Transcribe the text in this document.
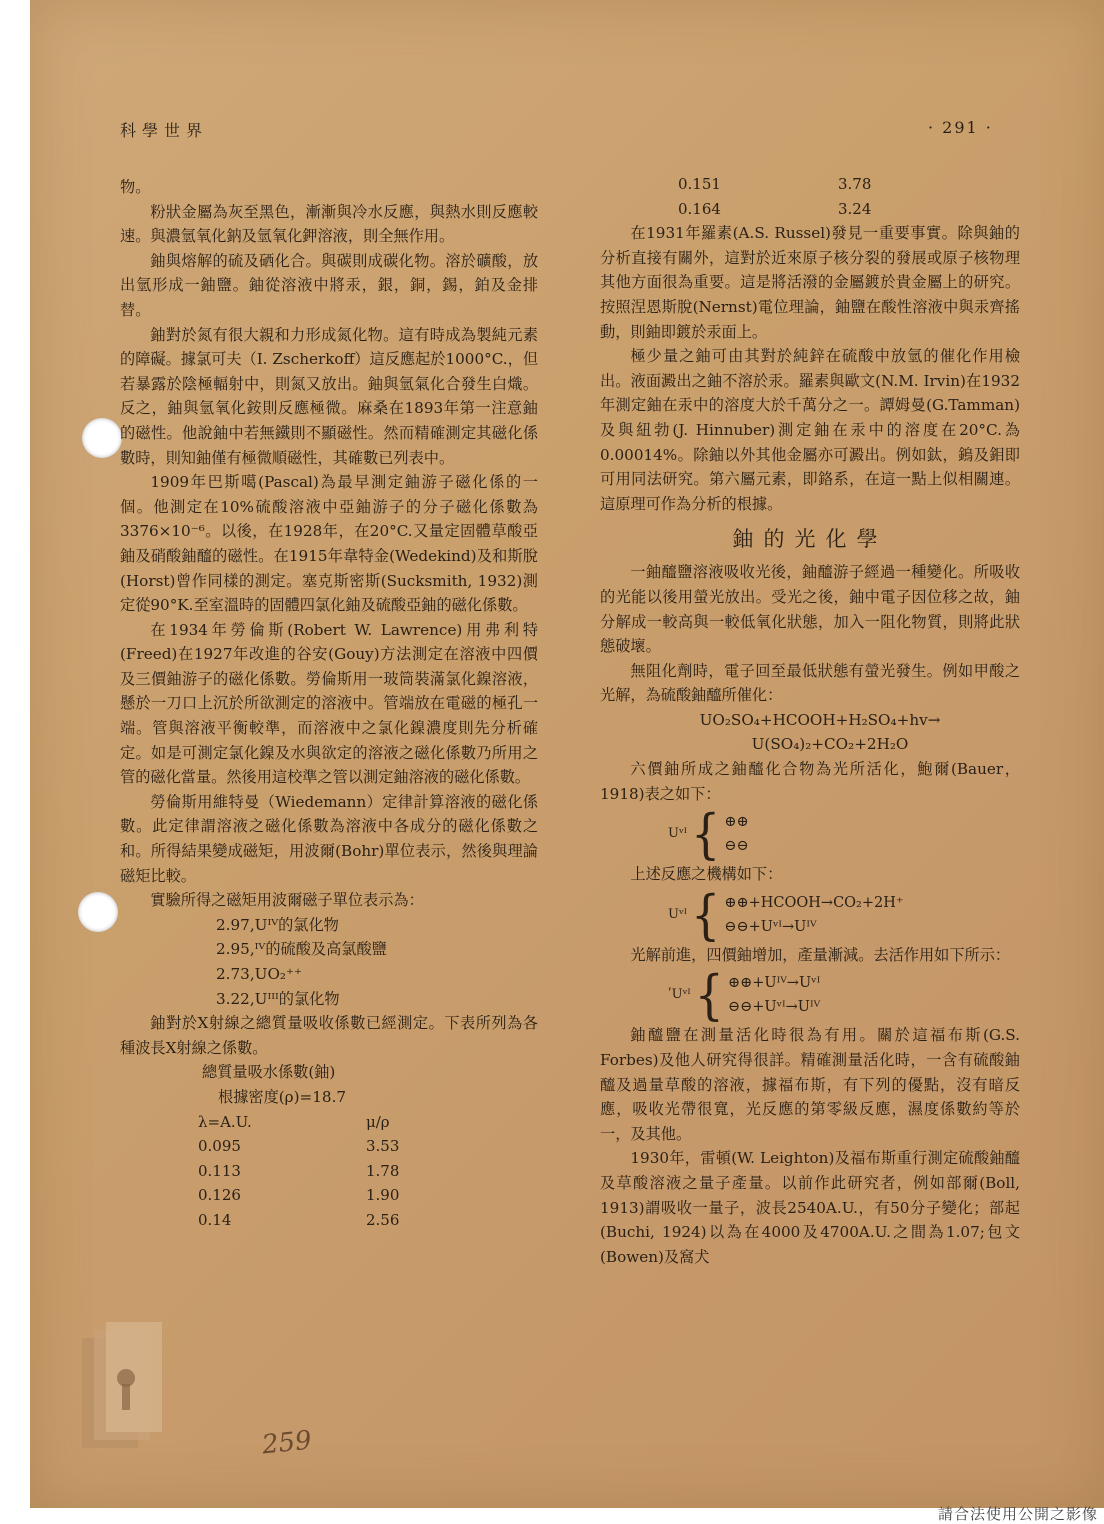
科學世界	· 291 ·

物。

粉狀金屬為灰至黑色，漸漸與冷水反應，與熱水則反應較速。與濃氫氧化鈉及氫氧化鉀溶液，則全無作用。

鈾與熔解的硫及硒化合。與碳則成碳化物。溶於礦酸，放出氫形成一鈾鹽。鈾從溶液中將汞，銀，銅，錫，鉑及金排替。

鈾對於氮有很大親和力形成氮化物。這有時成為製純元素的障礙。據氯可夫（I. Zscherkoff）這反應起於1000°C.，但若暴露於陰極輻射中，則氮又放出。鈾與氫氣化合發生白熾。反之，鈾與氫氧化銨則反應極微。麻桑在1893年第一注意鈾的磁性。他說鈾中若無鐵則不顯磁性。然而精確測定其磁化係數時，則知鈾僅有極微順磁性，其確數已列表中。

1909年巴斯噶(Pascal)為最早測定鈾游子磁化係的一個。他測定在10%硫酸溶液中亞鈾游子的分子磁化係數為3376×10⁻⁶。以後，在1928年，在20°C.又量定固體草酸亞鈾及硝酸鈾醯的磁性。在1915年韋特金(Wedekind)及和斯脫(Horst)曾作同樣的測定。塞克斯密斯(Sucksmith, 1932)測定從90°K.至室溫時的固體四氯化鈾及硫酸亞鈾的磁化係數。

在1934年勞倫斯(Robert W. Lawrence)用弗利特(Freed)在1927年改進的谷安(Gouy)方法測定在溶液中四價及三價鈾游子的磁化係數。勞倫斯用一玻筒裝滿氯化鎳溶液，懸於一刀口上沉於所欲測定的溶液中。管端放在電磁的極孔一端。管與溶液平衡較準，而溶液中之氯化鎳濃度則先分析確定。如是可測定氯化鎳及水與欲定的溶液之磁化係數乃所用之管的磁化當量。然後用這校準之管以測定鈾溶液的磁化係數。

勞倫斯用維特曼（Wiedemann）定律計算溶液的磁化係數。此定律謂溶液之磁化係數為溶液中各成分的磁化係數之和。所得結果變成磁矩，用波爾(Bohr)單位表示，然後與理論磁矩比較。

實驗所得之磁矩用波爾磁子單位表示為：

2.97,Uᴵⱽ的氯化物
2.95,ᴵⱽ的硫酸及高氯酸鹽
2.73,UO₂⁺⁺
3.22,Uᴵᴵᴵ的氯化物

鈾對於X射線之總質量吸收係數已經測定。下表所列為各種波長X射線之係數。

總質量吸水係數(鈾)
根據密度(ρ)=18.7
λ=A.U.	μ/ρ
0.095	3.53
0.113	1.78
0.126	1.90
0.14	2.56
0.151	3.78
0.164	3.24

在1931年羅素(A.S. Russel)發見一重要事實。除與鈾的分析直接有關外，這對於近來原子核分裂的發展或原子核物理其他方面很為重要。這是將活潑的金屬鍍於貴金屬上的研究。按照涅恩斯脫(Nernst)電位理論，鈾鹽在酸性溶液中與汞齊搖動，則鈾即鍍於汞面上。

極少量之鈾可由其對於純鋅在硫酸中放氫的催化作用檢出。液面澱出之鈾不溶於汞。羅素與歐文(N.M. Irvin)在1932年測定鈾在汞中的溶度大於千萬分之一。譚姆曼(G.Tamman)及與紐勃(J. Hinnuber)測定鈾在汞中的溶度在20°C.為0.00014%。除鈾以外其他金屬亦可澱出。例如鈦，鎢及鉬即可用同法研究。第六屬元素，即鉻系，在這一點上似相關連。這原理可作為分析的根據。

鈾的光化學

一鈾醯鹽溶液吸收光後，鈾醯游子經過一種變化。所吸收的光能以後用螢光放出。受光之後，鈾中電子因位移之故，鈾分解成一較高與一較低氧化狀態，加入一阻化物質，則將此狀態破壞。

無阻化劑時，電子回至最低狀態有螢光發生。例如甲酸之光解，為硫酸鈾醯所催化：

UO₂SO₄+HCOOH+H₂SO₄+hv→
U(SO₄)₂+CO₂+2H₂O

六價鈾所成之鈾醯化合物為光所活化，鮑爾(Bauer，1918)表之如下：

Uᵛᴵ { ⊕⊕
⊖⊖

上述反應之機構如下：

Uᵛᴵ { ⊕⊕+HCOOH→CO₂+2H⁺
⊖⊖+Uᵛᴵ→Uᴵⱽ

光解前進，四價鈾增加，產量漸減。去活作用如下所示：

ʹUᵛᴵ { ⊕⊕+Uᴵⱽ→Uᵛᴵ
⊖⊖+Uᵛᴵ→Uᴵⱽ

鈾醯鹽在測量活化時很為有用。關於這福布斯(G.S. Forbes)及他人研究得很詳。精確測量活化時，一含有硫酸鈾醯及過量草酸的溶液，據福布斯，有下列的優點，沒有暗反應，吸收光帶很寬，光反應的第零級反應，濕度係數約等於一，及其他。

1930年，雷頓(W. Leighton)及福布斯重行測定硫酸鈾醯及草酸溶液之量子產量。以前作此研究者，例如部爾(Boll, 1913)謂吸收一量子，波長2540A.U.，有50分子變化；部起(Buchi, 1924)以為在4000及4700A.U.之間為1.07;包文(Bowen)及窩犬

259
請合法使用公開之影像
